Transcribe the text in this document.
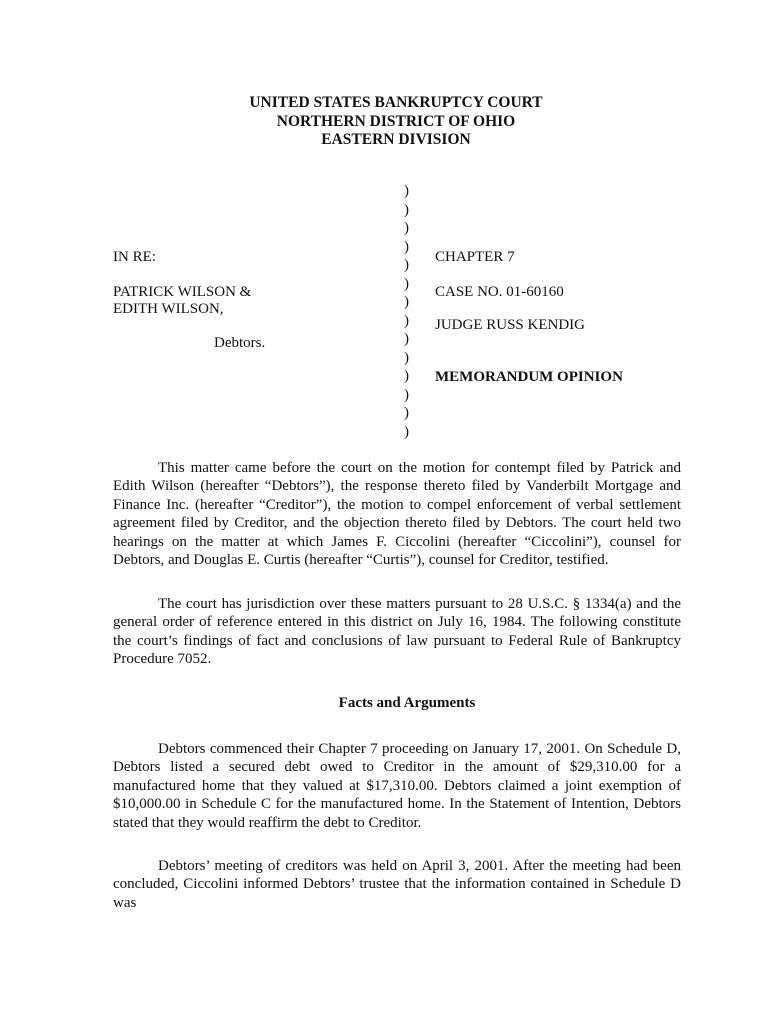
UNITED STATES BANKRUPTCY COURT
NORTHERN DISTRICT OF OHIO
EASTERN DIVISION
IN RE:
PATRICK WILSON &
EDITH WILSON,
Debtors.
)
)
)
)
)
)
)
)
)
)
)
)
)
)
CHAPTER 7
CASE NO. 01-60160
JUDGE RUSS KENDIG
MEMORANDUM OPINION

This matter came before the court on the motion for contempt filed by Patrick and Edith Wilson (hereafter “Debtors”), the response thereto filed by Vanderbilt Mortgage and Finance Inc. (hereafter “Creditor”), the motion to compel enforcement of verbal settlement agreement filed by Creditor, and the objection thereto filed by Debtors. The court held two hearings on the matter at which James F. Ciccolini (hereafter “Ciccolini”), counsel for Debtors, and Douglas E. Curtis (hereafter “Curtis”), counsel for Creditor, testified.

The court has jurisdiction over these matters pursuant to 28 U.S.C. § 1334(a) and the general order of reference entered in this district on July 16, 1984. The following constitute the court’s findings of fact and conclusions of law pursuant to Federal Rule of Bankruptcy Procedure 7052.

Facts and Arguments

Debtors commenced their Chapter 7 proceeding on January 17, 2001. On Schedule D, Debtors listed a secured debt owed to Creditor in the amount of $29,310.00 for a manufactured home that they valued at $17,310.00. Debtors claimed a joint exemption of $10,000.00 in Schedule C for the manufactured home. In the Statement of Intention, Debtors stated that they would reaffirm the debt to Creditor.

Debtors’ meeting of creditors was held on April 3, 2001. After the meeting had been concluded, Ciccolini informed Debtors’ trustee that the information contained in Schedule D was
